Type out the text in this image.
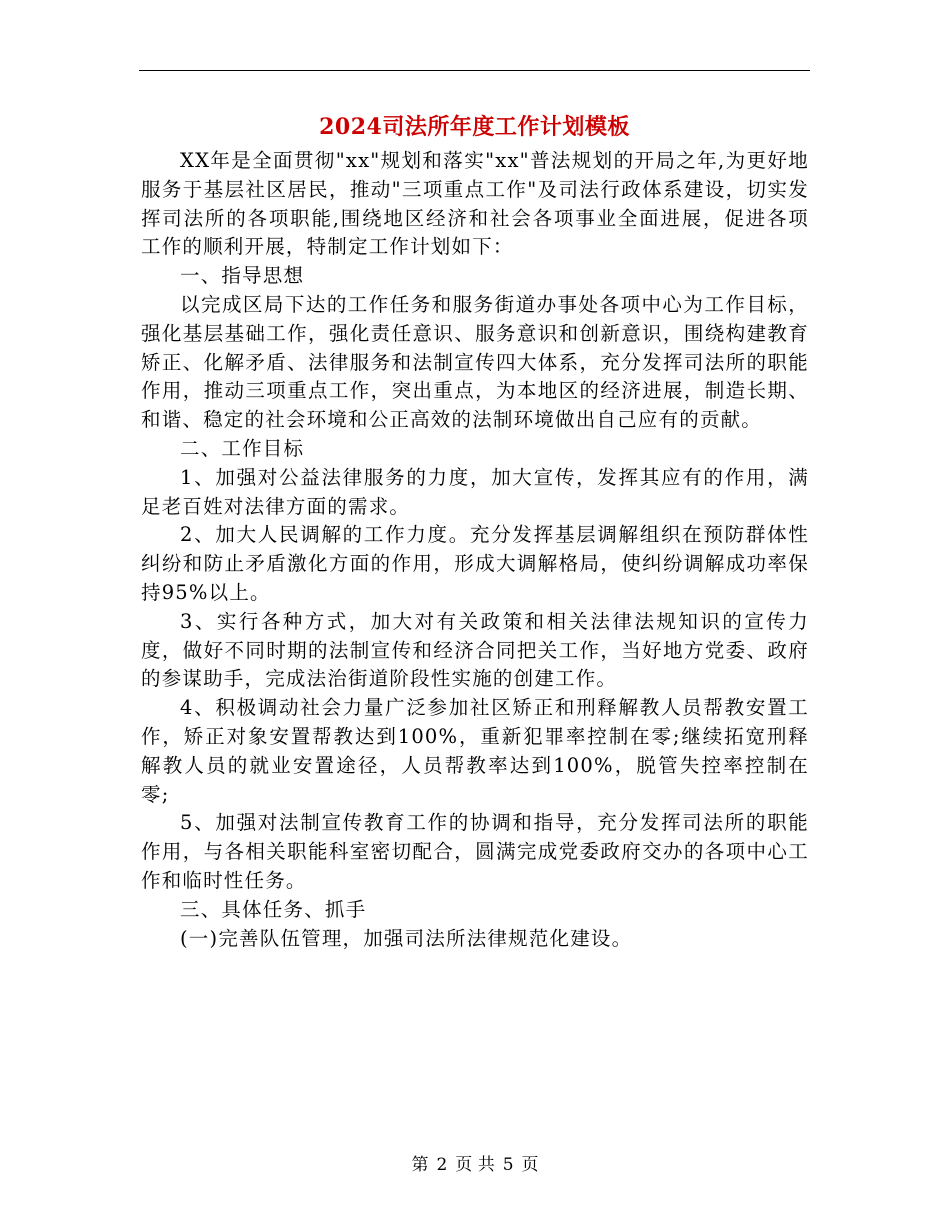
2024司法所年度工作计划模板

XX年是全面贯彻"xx"规划和落实"xx"普法规划的开局之年,为更好地服务于基层社区居民，推动"三项重点工作"及司法行政体系建设，切实发挥司法所的各项职能,围绕地区经济和社会各项事业全面进展，促进各项工作的顺利开展，特制定工作计划如下：

一、指导思想

以完成区局下达的工作任务和服务街道办事处各项中心为工作目标，强化基层基础工作，强化责任意识、服务意识和创新意识，围绕构建教育矫正、化解矛盾、法律服务和法制宣传四大体系，充分发挥司法所的职能作用，推动三项重点工作，突出重点，为本地区的经济进展，制造长期、和谐、稳定的社会环境和公正高效的法制环境做出自己应有的贡献。

二、工作目标

1、加强对公益法律服务的力度，加大宣传，发挥其应有的作用，满足老百姓对法律方面的需求。

2、加大人民调解的工作力度。充分发挥基层调解组织在预防群体性纠纷和防止矛盾激化方面的作用，形成大调解格局，使纠纷调解成功率保持95%以上。

3、实行各种方式，加大对有关政策和相关法律法规知识的宣传力度，做好不同时期的法制宣传和经济合同把关工作，当好地方党委、政府的参谋助手，完成法治街道阶段性实施的创建工作。

4、积极调动社会力量广泛参加社区矫正和刑释解教人员帮教安置工作，矫正对象安置帮教达到100%，重新犯罪率控制在零;继续拓宽刑释解教人员的就业安置途径，人员帮教率达到100%，脱管失控率控制在零;

5、加强对法制宣传教育工作的协调和指导，充分发挥司法所的职能作用，与各相关职能科室密切配合，圆满完成党委政府交办的各项中心工作和临时性任务。

三、具体任务、抓手

(一)完善队伍管理，加强司法所法律规范化建设。

第 2 页 共 5 页
